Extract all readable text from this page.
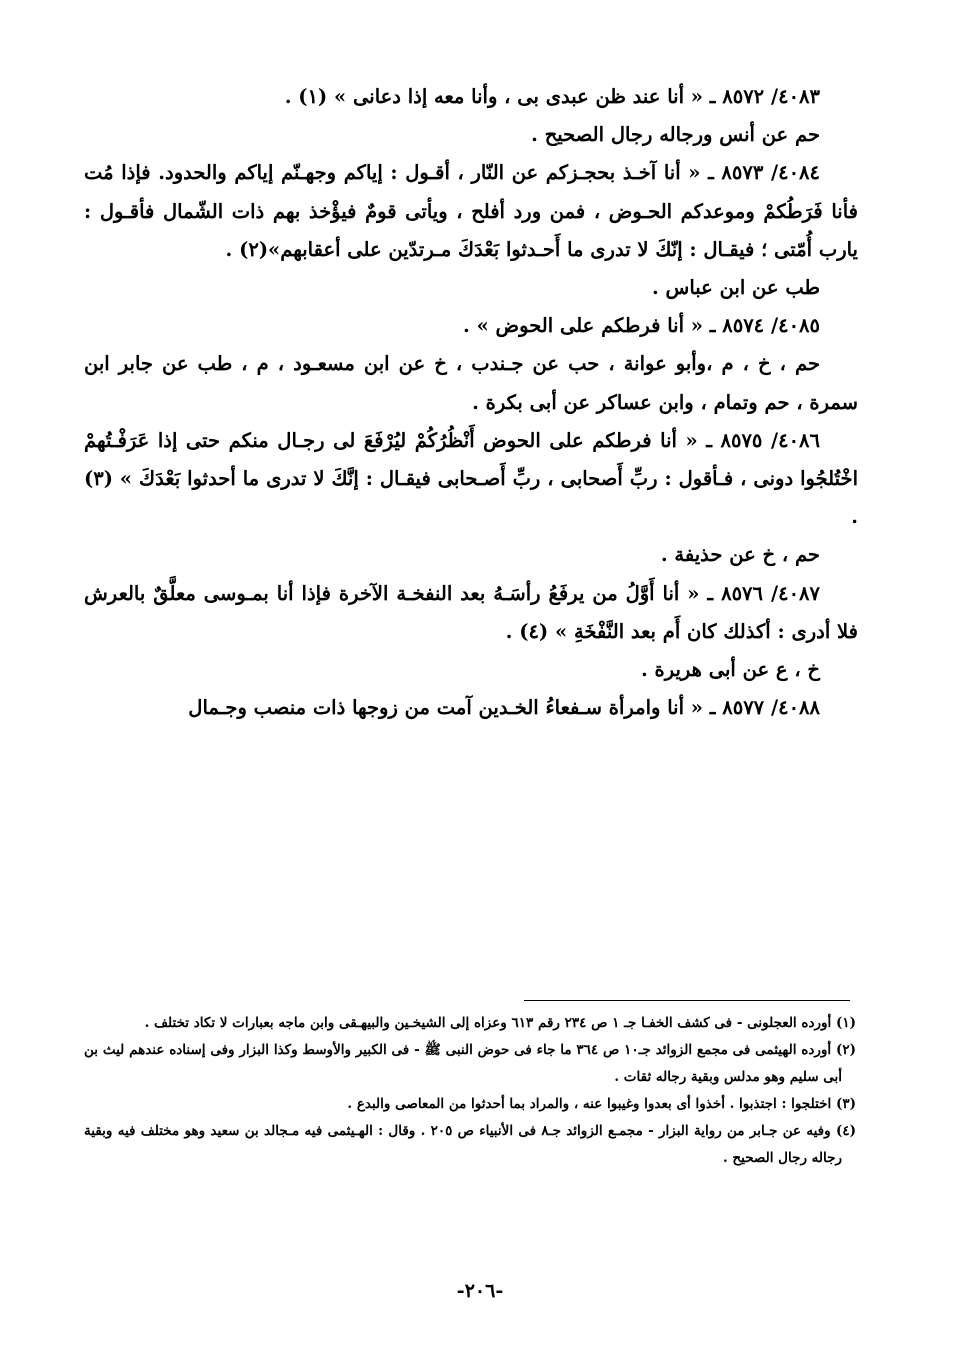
٤٠٨٣/ ٨٥٧٢ ـ « أنا عند ظن عبدى بى ، وأنا معه إذا دعانى » (١) .

حم عن أنس ورجاله رجال الصحيح .

٤٠٨٤/ ٨٥٧٣ ـ « أنا آخـذ بحجـزكم عن النّار ، أقـول : إياكم وجهـنّم إياكم والحدود. فإذا مُت فأنا فَرَطُكمْ وموعدكم الحـوض ، فمن ورد أفلح ، ويأتى قومٌ فيؤْخذ بهم ذات الشّمال فأقـول : يارب أُمّتى ؛ فيقـال : إنّكَ لا تدرى ما أَحـدثوا بَعْدَكَ مـرتدّين على أعقابهم»(٢) .

طب عن ابن عباس .

٤٠٨٥/ ٨٥٧٤ ـ « أنا فرطكم على الحوض » .

حم ، خ ، م ،وأبو عوانة ، حب عن جـندب ، خ عن ابن مسعـود ، م ، طب عن جابر ابن سمرة ، حم وتمام ، وابن عساكر عن أبى بكرة .

٤٠٨٦/ ٨٥٧٥ ـ « أنا فرطكم على الحوض أَنْظُرُكُمْ ليُرْفَعَ لى رجـال منكم حتى إذا عَرَفْـتُهمْ اخْتُلجُوا دونى ، فـأقول : ربِّ أَصحابى ، ربِّ أَصـحابى فيقـال : إنَّكَ لا تدرى ما أحدثوا بَعْدَكَ » (٣) .

حم ، خ عن حذيفة .

٤٠٨٧/ ٨٥٧٦ ـ « أنا أَوَّلُ من يرفَعُ رأسَـهُ بعد النفخـة الآخرة فإذا أنا بمـوسى معلَّقٌ بالعرش فلا أدرى : أكذلك كان أَم بعد النَّفْخَةِ » (٤) .

خ ، ع عن أبى هريرة .

٤٠٨٨/ ٨٥٧٧ ـ « أنا وامرأة سـفعاءُ الخـدين آمت من زوجها ذات منصب وجـمال

(١) أورده العجلونى - فى كشف الخفـا جـ ١ ص ٢٣٤ رقم ٦١٣ وعزاه إلى الشيخـين والبيهـقى وابن ماجه بعبارات لا تكاد تختلف .

(٢) أورده الهيثمى فى مجمع الزوائد جـ١٠ ص ٣٦٤ ما جاء فى حوض النبى ﷺ - فى الكبير والأوسط وكذا البزار وفى إسناده عندهم ليث بن أبى سليم وهو مدلس وبقية رجاله ثقات .

(٣) اختلجوا : اجتذبوا . أخذوا أى بعدوا وغيبوا عنه ، والمراد بما أحدثوا من المعاصى والبدع .

(٤) وفيه عن جـابر من رواية البزار - مجمـع الزوائد جـ٨ فى الأنبياء ص ٢٠٥ . وقال : الهـيثمى فيه مـجالد بن سعيد وهو مختلف فيه وبقية رجاله رجال الصحيح .

-٢٠٦-
